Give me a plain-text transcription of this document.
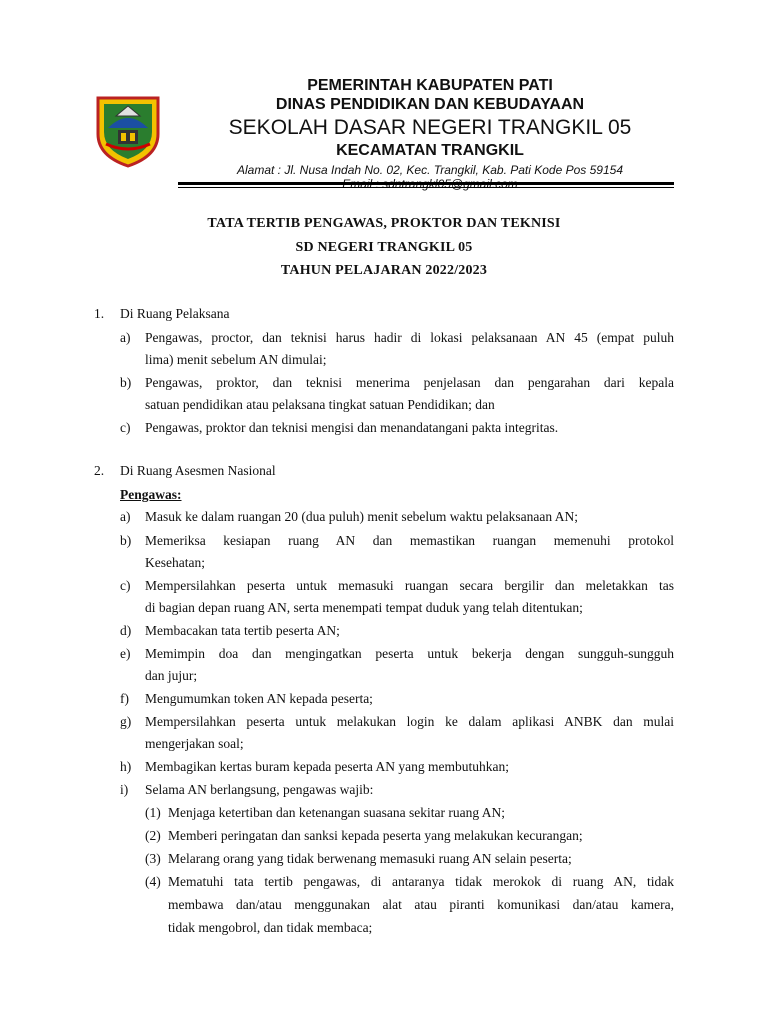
PEMERINTAH KABUPATEN PATI
DINAS PENDIDIKAN DAN KEBUDAYAAN
SEKOLAH DASAR NEGERI TRANGKIL 05
KECAMATAN TRANGKIL
Alamat : Jl. Nusa Indah No. 02, Kec. Trangkil, Kab. Pati Kode Pos 59154
TATA TERTIB PENGAWAS, PROKTOR DAN TEKNISI
SD NEGERI TRANGKIL 05
TAHUN PELAJARAN 2022/2023
1. Di Ruang Pelaksana
a) Pengawas, proctor, dan teknisi harus hadir di lokasi pelaksanaan AN 45 (empat puluh
lima) menit sebelum AN dimulai;
b) Pengawas, proktor, dan teknisi menerima penjelasan dan pengarahan dari kepala
satuan pendidikan atau pelaksana tingkat satuan Pendidikan; dan
c) Pengawas, proktor dan teknisi mengisi dan menandatangani pakta integritas.
2. Di Ruang Asesmen Nasional
Pengawas:
a) Masuk ke dalam ruangan 20 (dua puluh) menit sebelum waktu pelaksanaan AN;
b) Memeriksa kesiapan ruang AN dan memastikan ruangan memenuhi protokol
Kesehatan;
c) Mempersilahkan peserta untuk memasuki ruangan secara bergilir dan meletakkan tas
di bagian depan ruang AN, serta menempati tempat duduk yang telah ditentukan;
d) Membacakan tata tertib peserta AN;
e) Memimpin doa dan mengingatkan peserta untuk bekerja dengan sungguh-sungguh
dan jujur;
f) Mengumumkan token AN kepada peserta;
g) Mempersilahkan peserta untuk melakukan login ke dalam aplikasi ANBK dan mulai
mengerjakan soal;
h) Membagikan kertas buram kepada peserta AN yang membutuhkan;
i) Selama AN berlangsung, pengawas wajib:
(1) Menjaga ketertiban dan ketenangan suasana sekitar ruang AN;
(2) Memberi peringatan dan sanksi kepada peserta yang melakukan kecurangan;
(3) Melarang orang yang tidak berwenang memasuki ruang AN selain peserta;
(4) Mematuhi tata tertib pengawas, di antaranya tidak merokok di ruang AN, tidak
membawa dan/atau menggunakan alat atau piranti komunikasi dan/atau kamera,
tidak mengobrol, dan tidak membaca;
